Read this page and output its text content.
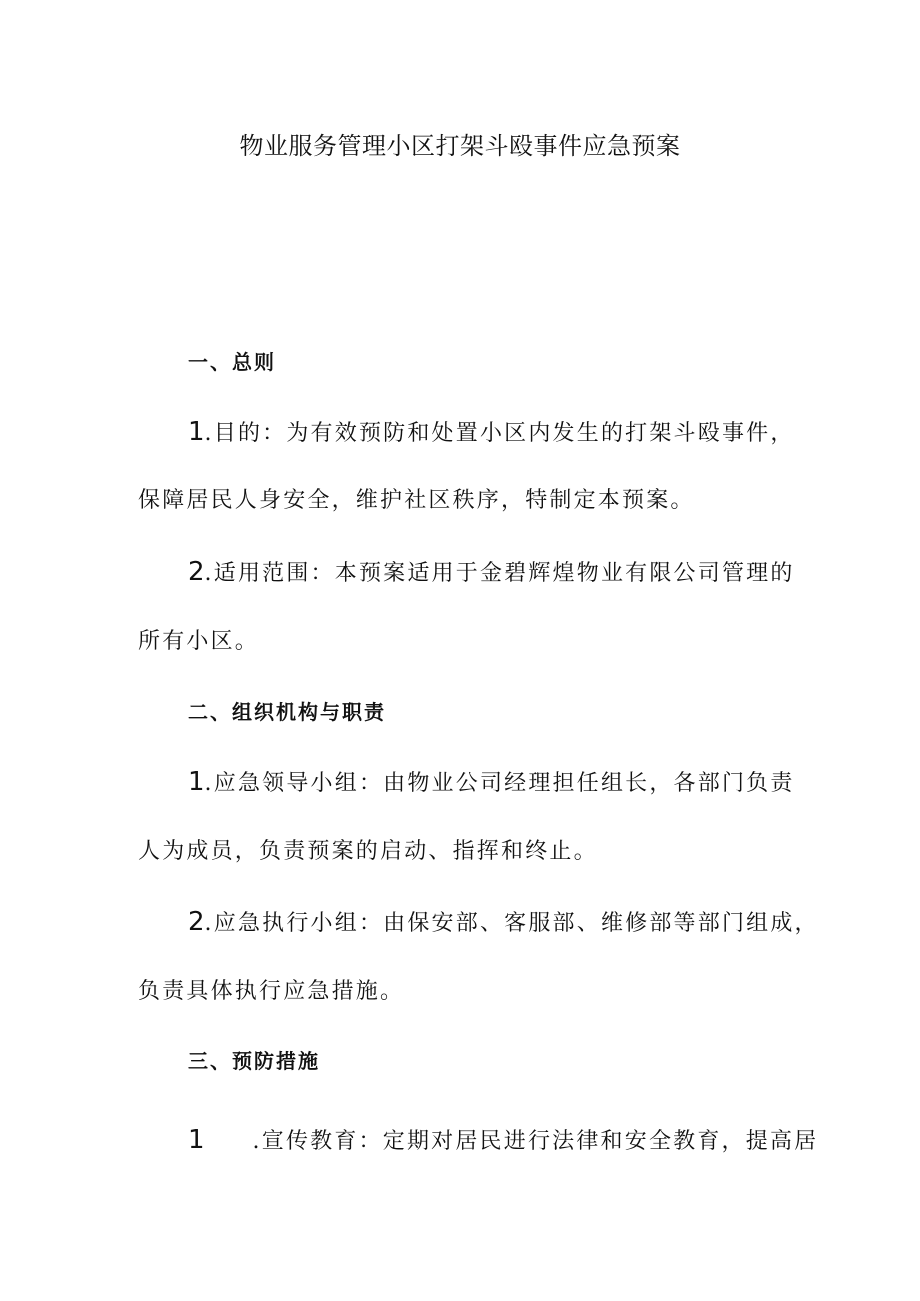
物业服务管理小区打架斗殴事件应急预案
一、总则
1.目的：为有效预防和处置小区内发生的打架斗殴事件，
保障居民人身安全，维护社区秩序，特制定本预案。
2.适用范围：本预案适用于金碧辉煌物业有限公司管理的
所有小区。
二、组织机构与职责
1.应急领导小组：由物业公司经理担任组长，各部门负责
人为成员，负责预案的启动、指挥和终止。
2.应急执行小组：由保安部、客服部、维修部等部门组成，
负责具体执行应急措施。
三、预防措施
1 .宣传教育：定期对居民进行法律和安全教育，提高居
